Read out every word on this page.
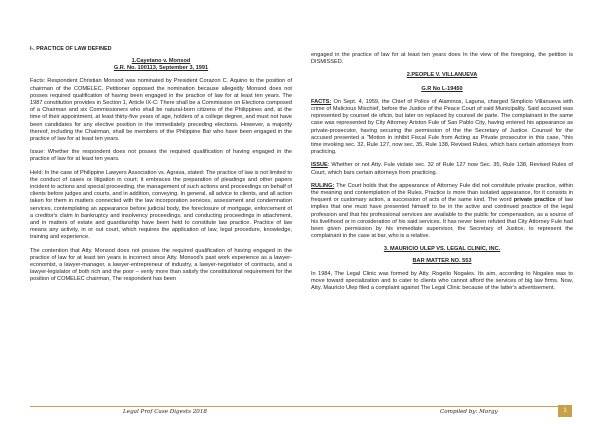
I-. PRACTICE OF LAW DEFINED

1.Cayetano v. Monsod

G.R. No. 100113, September 3, 1991

Facts: Respondent Christian Monsod was nominated by President Corazon C. Aquino to the position of chairman of the COMELEC. Petitioner opposed the nomination because allegedly Monsod does not posses required qualification of having been engaged in the practice of law for at least ten years. The 1987 constitution provides in Section 1, Article IX-C: There shall be a Commission on Elections composed of a Chairman and six Commissioners who shall be natural-born citizens of the Philippines and, at the time of their appointment, at least thirty-five years of age, holders of a college degree, and must not have been candidates for any elective position in the immediately preceding elections. However, a majority thereof, including the Chairman, shall be members of the Philippine Bar who have been engaged in the practice of law for at least ten years.

Issue: Whether the respondent does not posses the required qualification of having engaged in the practice of law for at least ten years.

Held: In the case of Philippine Lawyers Association vs. Agrava, stated: The practice of law is not limited to the conduct of cases or litigation in court; it embraces the preparation of pleadings and other papers incident to actions and special proceeding, the management of such actions and proceedings on behalf of clients before judges and courts, and in addition, conveying. In general, all advice to clients, and all action taken for them in matters connected with the law incorporation services, assessment and condemnation services, contemplating an appearance before judicial body, the foreclosure of mortgage, enforcement of a creditor's claim in bankruptcy and insolvency proceedings, and conducting proceedings in attachment, and in matters of estate and guardianship have been held to constitute law practice. Practice of law means any activity, in or out court, which requires the application of law, legal procedure, knowledge, training and experience.

The contention that Atty. Monsod does not posses the required qualification of having engaged in the practice of law for at least ten years is incorrect since Atty. Monsod's past work experience as a lawyer-economist, a lawyer-manager, a lawyer-entrepreneur of industry, a lawyer-negotiator of contracts, and a lawyer-legislator of both rich and the poor – verily more than satisfy the constitutional requirement for the position of COMELEC chairman, The respondent has been

engaged in the practice of law for at least ten years does In the view of the foregoing, the petition is DISMISSED.

2.PEOPLE V. VILLANUEVA

G.R No L-19450

FACTS: On Sept. 4, 1959, the Chief of Police of Alaminos, Laguna, charged Simplicio Villanueva with crime of Malicious Mischief, before the Justice of the Peace Court of said Municipality. Said accused was represented by counsel de oficio, but later on replaced by counsel de parte. The complainant in the same case was represented by City Attorney Ariston Fule of San Pablo City, having entered his appearance as private-prosecutor, having securing the permission of the the Secretary of Justice. Counsel for the accused presented a "Motion in inhibit Fiscal Fule from Acting as Private prosecutor in this case, "this time invoking sec. 32, Rule 127, now sec. 35, Rule 138, Revised Rules, which bars certain attorneys from practicing.

ISSUE: Whether or not Atty. Fule violate sec. 32 of Rule 127 now Sec. 35, Rule 138, Revised Rules of Court, which bars certain attorneys from practicing.

RULING: The Court holds that the appearance of Attorney Fule did not constitute private practice, within the meaning and contemplation of the Rules. Practice is more than isolated appearance, for it consists in frequent or customary action, a succession of acts of the same kind. The word private practice of law implies that one must have presented himself to be in the active and continued practice of the legal profession and that his professional services are available to the public for compensation, as a source of his livelihood or in consideration of his said services. It has never been refuted that City Attorney Fule had been given permission by his immediate supervisor, the Secretary of Justice, to represent the complainant in the case at bar, who is a relative.

3. MAURICIO ULEP VS. LEGAL CLINIC, INC.

BAR MATTER NO. 553

In 1984, The Legal Clinic was formed by Atty. Rogelio Nogales. Its aim, according to Nogales was to move toward specialization and to cater to clients who cannot afford the services of big law firms. Now, Atty. Mauricio Ulep filed a complaint against The Legal Clinic because of the latter's advertisement.

Legal Prof Case Digests 2018	Compiled by: Morgy	1
